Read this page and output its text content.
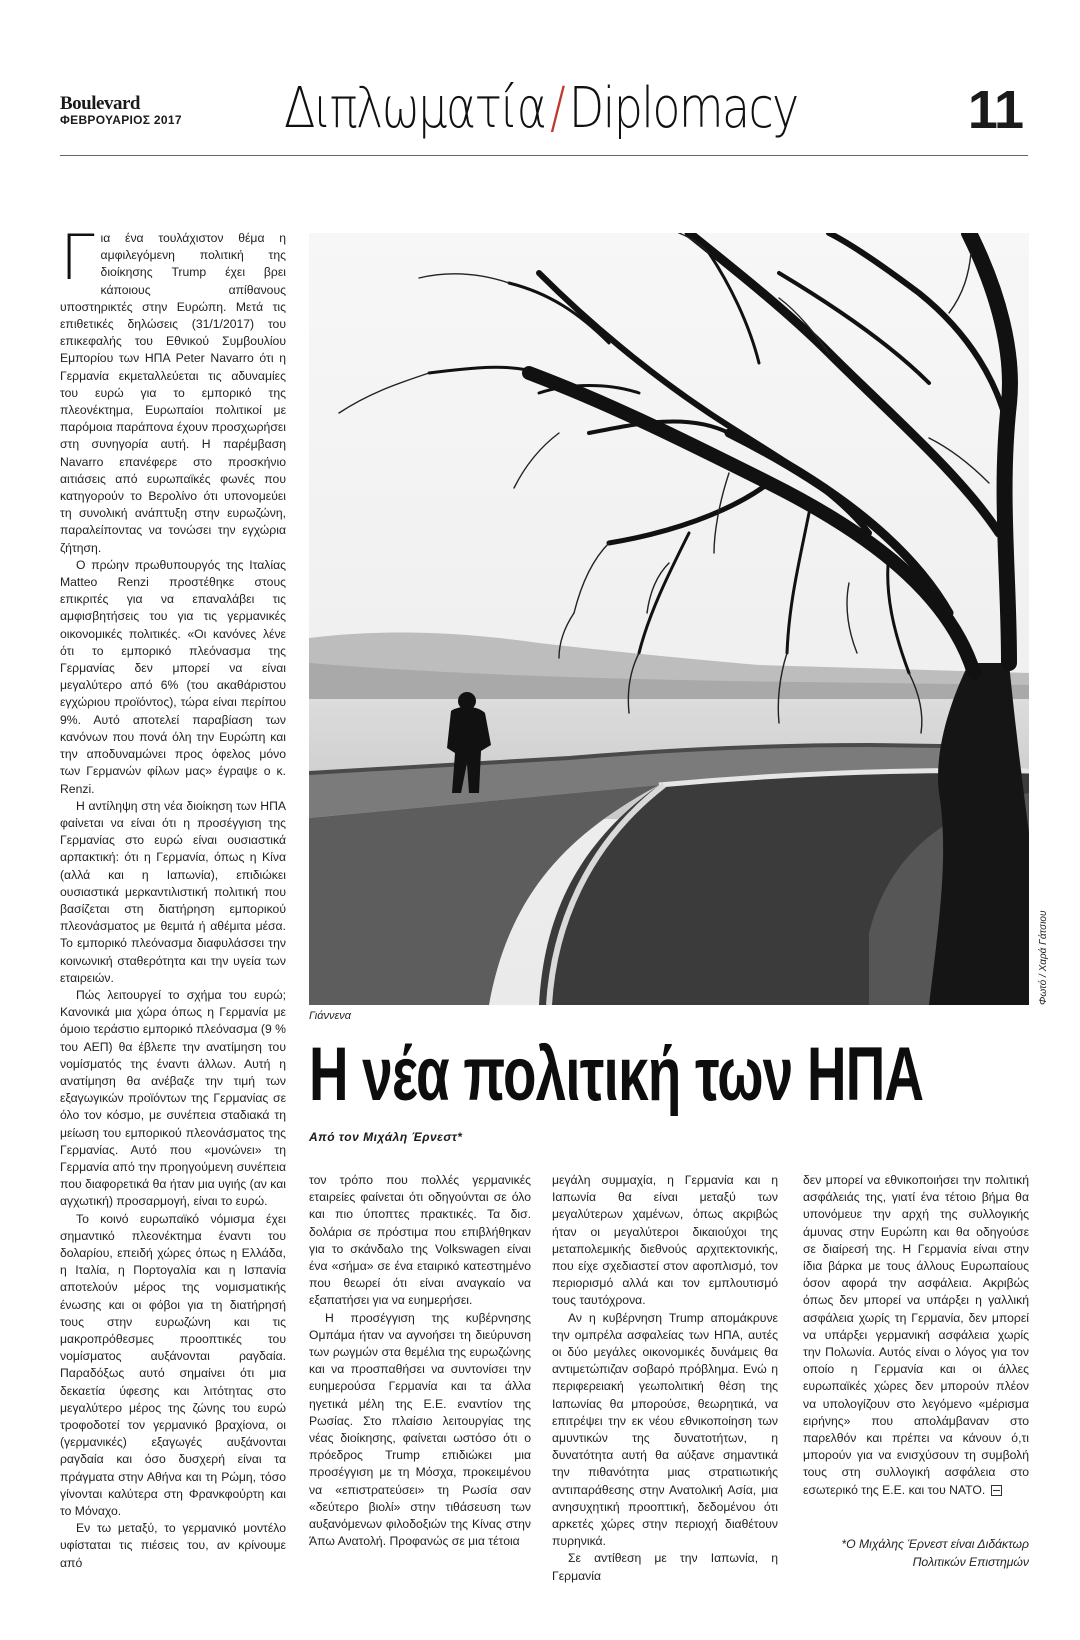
Boulevard
ΦΕΒΡΟΥΑΡΙΟΣ 2017 Διπλωματία/Diplomacy	11

Για ένα τουλάχιστον θέμα η αμφιλεγόμενη πολιτική της διοίκησης Trump έχει βρει κάποιους απίθανους υποστηρικτές στην Ευρώπη. Μετά τις επιθετικές δηλώσεις (31/1/2017) του επικεφαλής του Εθνικού Συμβουλίου Εμπορίου των ΗΠΑ Peter Navarro ότι η Γερμανία εκμεταλλεύεται τις αδυναμίες του ευρώ για το εμπορικό της πλεονέκτημα, Ευρωπαίοι πολιτικοί με παρόμοια παράπονα έχουν προσχωρήσει στη συνηγορία αυτή. Η παρέμβαση Navarro επανέφερε στο προσκήνιο αιτιάσεις από ευρωπαϊκές φωνές που κατηγορούν το Βερολίνο ότι υπονομεύει τη συνολική ανάπτυξη στην ευρωζώνη, παραλείποντας να τονώσει την εγχώρια ζήτηση.

Ο πρώην πρωθυπουργός της Ιταλίας Matteo Renzi προστέθηκε στους επικριτές για να επαναλάβει τις αμφισβητήσεις του για τις γερμανικές οικονομικές πολιτικές. «Οι κανόνες λένε ότι το εμπορικό πλεόνασμα της Γερμανίας δεν μπορεί να είναι μεγαλύτερο από 6% (του ακαθάριστου εγχώριου προϊόντος), τώρα είναι περίπου 9%. Αυτό αποτελεί παραβίαση των κανόνων που πονά όλη την Ευρώπη και την αποδυναμώνει προς όφελος μόνο των Γερμανών φίλων μας» έγραψε ο κ. Renzi.

Η αντίληψη στη νέα διοίκηση των ΗΠΑ φαίνεται να είναι ότι η προσέγγιση της Γερμανίας στο ευρώ είναι ουσιαστικά αρπακτική: ότι η Γερμανία, όπως η Κίνα (αλλά και η Ιαπωνία), επιδιώκει ουσιαστικά μερκαντιλιστική πολιτική που βασίζεται στη διατήρηση εμπορικού πλεονάσματος με θεμιτά ή αθέμιτα μέσα. Το εμπορικό πλεόνασμα διαφυλάσσει την κοινωνική σταθερότητα και την υγεία των εταιρειών.

Πώς λειτουργεί το σχήμα του ευρώ; Κανονικά μια χώρα όπως η Γερμανία με όμοιο τεράστιο εμπορικό πλεόνασμα (9 % του ΑΕΠ) θα έβλεπε την ανατίμηση του νομίσματός της έναντι άλλων. Αυτή η ανατίμηση θα ανέβαζε την τιμή των εξαγωγικών προϊόντων της Γερμανίας σε όλο τον κόσμο, με συνέπεια σταδιακά τη μείωση του εμπορικού πλεονάσματος της Γερμανίας. Αυτό που «μονώνει» τη Γερμανία από την προηγούμενη συνέπεια που διαφορετικά θα ήταν μια υγιής (αν και αγχωτική) προσαρμογή, είναι το ευρώ.

Το κοινό ευρωπαϊκό νόμισμα έχει σημαντικό πλεονέκτημα έναντι του δολαρίου, επειδή χώρες όπως η Ελλάδα, η Ιταλία, η Πορτογαλία και η Ισπανία αποτελούν μέρος της νομισματικής ένωσης και οι φόβοι για τη διατήρησή τους στην ευρωζώνη και τις μακροπρόθεσμες προοπτικές του νομίσματος αυξάνονται ραγδαία. Παραδόξως αυτό σημαίνει ότι μια δεκαετία ύφεσης και λιτότητας στο μεγαλύτερο μέρος της ζώνης του ευρώ τροφοδοτεί τον γερμανικό βραχίονα, οι (γερμανικές) εξαγωγές αυξάνονται ραγδαία και όσο δυσχερή είναι τα πράγματα στην Αθήνα και τη Ρώμη, τόσο γίνονται καλύτερα στη Φρανκφούρτη και το Μόναχο.

Εν τω μεταξύ, το γερμανικό μοντέλο υφίσταται τις πιέσεις του, αν κρίνουμε από

Γιάννενα
Φωτό / Χαρά Γάτσιου
Η νέα πολιτική των ΗΠΑ
Από τον Μιχάλη Έρνεστ*

τον τρόπο που πολλές γερμανικές εταιρείες φαίνεται ότι οδηγούνται σε όλο και πιο ύποπτες πρακτικές. Τα δισ. δολάρια σε πρόστιμα που επιβλήθηκαν για το σκάνδαλο της Volkswagen είναι ένα «σήμα» σε ένα εταιρικό κατεστημένο που θεωρεί ότι είναι αναγκαίο να εξαπατήσει για να ευημερήσει.

Η προσέγγιση της κυβέρνησης Ομπάμα ήταν να αγνοήσει τη διεύρυνση των ρωγμών στα θεμέλια της ευρωζώνης και να προσπαθήσει να συντονίσει την ευημερούσα Γερμανία και τα άλλα ηγετικά μέλη της Ε.Ε. εναντίον της Ρωσίας. Στο πλαίσιο λειτουργίας της νέας διοίκησης, φαίνεται ωστόσο ότι ο πρόεδρος Trump επιδιώκει μια προσέγγιση με τη Μόσχα, προκειμένου να «επιστρατεύσει» τη Ρωσία σαν «δεύτερο βιολί» στην τιθάσευση των αυξανόμενων φιλοδοξιών της Κίνας στην Άπω Ανατολή. Προφανώς σε μια τέτοια

μεγάλη συμμαχία, η Γερμανία και η Ιαπωνία θα είναι μεταξύ των μεγαλύτερων χαμένων, όπως ακριβώς ήταν οι μεγαλύτεροι δικαιούχοι της μεταπολεμικής διεθνούς αρχιτεκτονικής, που είχε σχεδιαστεί στον αφοπλισμό, τον περιορισμό αλλά και τον εμπλουτισμό τους ταυτόχρονα.

Αν η κυβέρνηση Trump απομάκρυνε την ομπρέλα ασφαλείας των ΗΠΑ, αυτές οι δύο μεγάλες οικονομικές δυνάμεις θα αντιμετώπιζαν σοβαρό πρόβλημα. Ενώ η περιφερειακή γεωπολιτική θέση της Ιαπωνίας θα μπορούσε, θεωρητικά, να επιτρέψει την εκ νέου εθνικοποίηση των αμυντικών της δυνατοτήτων, η δυνατότητα αυτή θα αύξανε σημαντικά την πιθανότητα μιας στρατιωτικής αντιπαράθεσης στην Ανατολική Ασία, μια ανησυχητική προοπτική, δεδομένου ότι αρκετές χώρες στην περιοχή διαθέτουν πυρηνικά.

Σε αντίθεση με την Ιαπωνία, η Γερμανία

δεν μπορεί να εθνικοποιήσει την πολιτική ασφάλειάς της, γιατί ένα τέτοιο βήμα θα υπονόμευε την αρχή της συλλογικής άμυνας στην Ευρώπη και θα οδηγούσε σε διαίρεσή της. Η Γερμανία είναι στην ίδια βάρκα με τους άλλους Ευρωπαίους όσον αφορά την ασφάλεια. Ακριβώς όπως δεν μπορεί να υπάρξει η γαλλική ασφάλεια χωρίς τη Γερμανία, δεν μπορεί να υπάρξει γερμανική ασφάλεια χωρίς την Πολωνία. Αυτός είναι ο λόγος για τον οποίο η Γερμανία και οι άλλες ευρωπαϊκές χώρες δεν μπορούν πλέον να υπολογίζουν στο λεγόμενο «μέρισμα ειρήνης» που απολάμβαναν στο παρελθόν και πρέπει να κάνουν ό,τι μπορούν για να ενισχύσουν τη συμβολή τους στη συλλογική ασφάλεια στο εσωτερικό της Ε.Ε. και του ΝΑΤΟ.

*Ο Μιχάλης Έρνεστ είναι Διδάκτωρ
Πολιτικών Επιστημών
